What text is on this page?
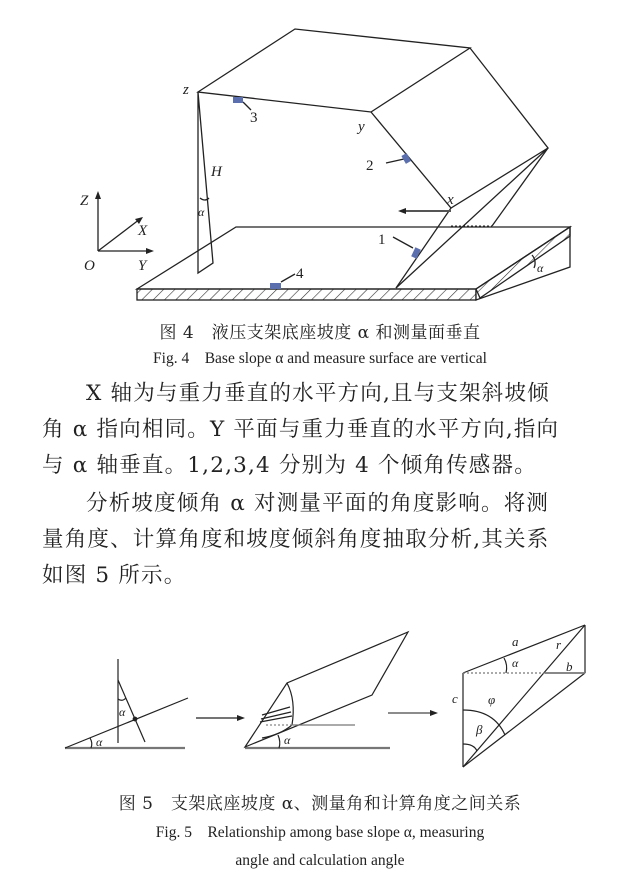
z
y
x
H
α
α
Z
X
Y
O
3
2
1
4
图 4　液压支架底座坡度 α 和测量面垂直
Fig. 4　Base slope α and measure surface are vertical
X 轴为与重力垂直的水平方向,且与支架斜坡倾
角 α 指向相同。Y 平面与重力垂直的水平方向,指向
与 α 轴垂直。1,2,3,4 分别为 4 个倾角传感器。
分析坡度倾角 α 对测量平面的角度影响。将测
量角度、计算角度和坡度倾斜角度抽取分析,其关系
如图 5 所示。
α
α	α
a
α
r
b
c φ
β
图 5　支架底座坡度 α、测量角和计算角度之间关系
Fig. 5　Relationship among base slope α, measuring
angle and calculation angle
